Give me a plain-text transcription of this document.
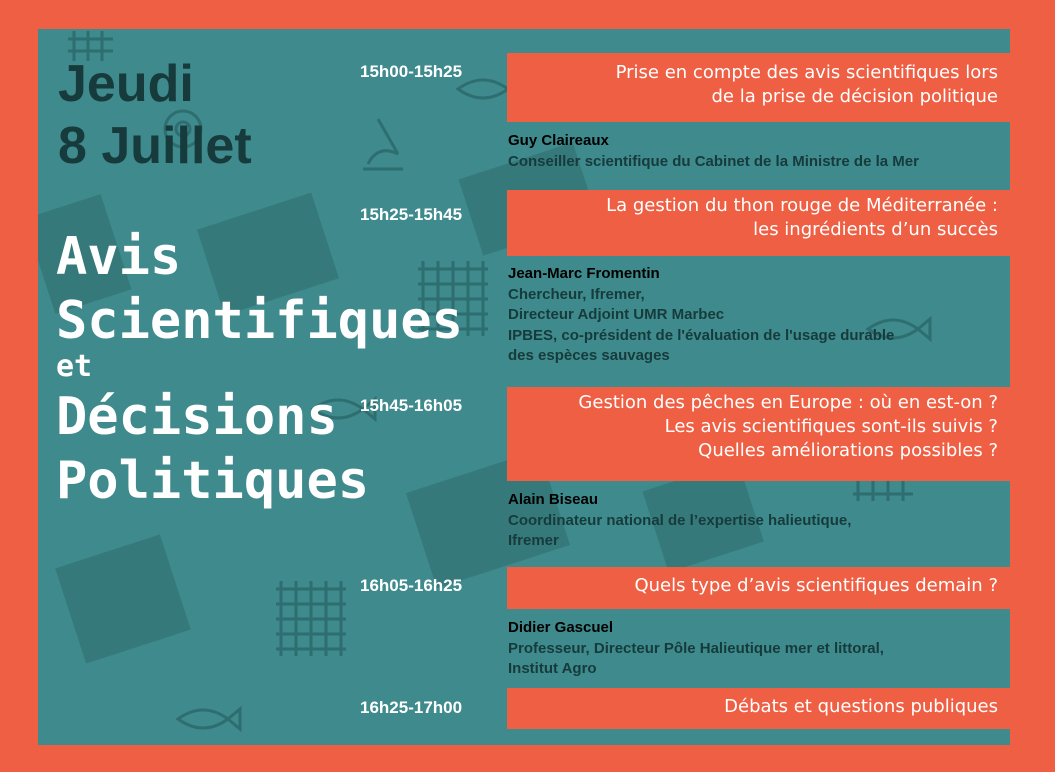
Jeudi
8 Juillet
Avis
Scientifiques
et
Décisions
Politiques
15h00-15h25	Prise en compte des avis scientifiques lors
de la prise de décision politique
Guy Claireaux
Conseiller scientifique du Cabinet de la Ministre de la Mer
15h25-15h45	La gestion du thon rouge de Méditerranée :
les ingrédients d’un succès
Jean-Marc Fromentin
Chercheur, Ifremer,
Directeur Adjoint UMR Marbec
IPBES, co-président de l'évaluation de l'usage durable
des espèces sauvages
15h45-16h05	Gestion des pêches en Europe : où en est-on ?
Les avis scientifiques sont-ils suivis ?
Quelles améliorations possibles ?
Alain Biseau
Coordinateur national de l’expertise halieutique,
Ifremer
16h05-16h25	Quels type d’avis scientifiques demain ?
Didier Gascuel
Professeur, Directeur Pôle Halieutique mer et littoral,
Institut Agro
16h25-17h00	Débats et questions publiques
